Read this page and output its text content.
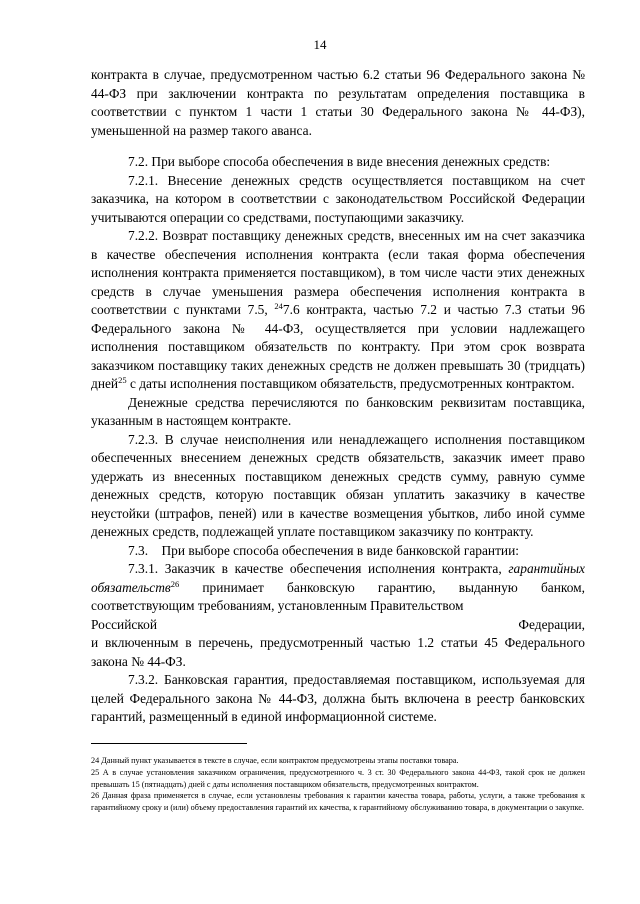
14

контракта в случае, предусмотренном частью 6.2 статьи 96 Федерального закона № 44-ФЗ при заключении контракта по результатам определения поставщика в соответствии с пунктом 1 части 1 статьи 30 Федерального закона № 44-ФЗ), уменьшенной на размер такого аванса.

7.2. При выборе способа обеспечения в виде внесения денежных средств:

7.2.1. Внесение денежных средств осуществляется поставщиком на счет заказчика, на котором в соответствии с законодательством Российской Федерации учитываются операции со средствами, поступающими заказчику.

7.2.2. Возврат поставщику денежных средств, внесенных им на счет заказчика в качестве обеспечения исполнения контракта (если такая форма обеспечения исполнения контракта применяется поставщиком), в том числе части этих денежных средств в случае уменьшения размера обеспечения исполнения контракта в соответствии с пунктами 7.5, $^{24}$7.6 контракта, частью 7.2 и частью 7.3 статьи 96 Федерального закона № 44-ФЗ, осуществляется при условии надлежащего исполнения поставщиком обязательств по контракту. При этом срок возврата заказчиком поставщику таких денежных средств не должен превышать 30 (тридцать) дней$^{25}$ с даты исполнения поставщиком обязательств, предусмотренных контрактом.

Денежные средства перечисляются по банковским реквизитам поставщика, указанным в настоящем контракте.

7.2.3. В случае неисполнения или ненадлежащего исполнения поставщиком обеспеченных внесением денежных средств обязательств, заказчик имеет право удержать из внесенных поставщиком денежных средств сумму, равную сумме денежных средств, которую поставщик обязан уплатить заказчику в качестве неустойки (штрафов, пеней) или в качестве возмещения убытков, либо иной сумме денежных средств, подлежащей уплате поставщиком заказчику по контракту.

7.3.    При выборе способа обеспечения в виде банковской гарантии:

7.3.1. Заказчик в качестве обеспечения исполнения контракта, гарантийных обязательств$^{26}$ принимает банковскую гарантию, выданную банком, соответствующим требованиям, установленным Правительством

Российской	Федерации,

и включенным в перечень, предусмотренный частью 1.2 статьи 45 Федерального закона № 44-ФЗ.

7.3.2. Банковская гарантия, предоставляемая поставщиком, используемая для целей Федерального закона № 44-ФЗ, должна быть включена в реестр банковских гарантий, размещенный в единой информационной системе.

24 Данный пункт указывается в тексте в случае, если контрактом предусмотрены этапы поставки товара.

25 А в случае установления заказчиком ограничения, предусмотренного ч. 3 ст. 30 Федерального закона 44-ФЗ, такой срок не должен превышать 15 (пятнадцать) дней с даты исполнения поставщиком обязательств, предусмотренных контрактом.

26 Данная фраза применяется в случае, если установлены требования к гарантии качества товара, работы, услуги, а также требования к гарантийному сроку и (или) объему предоставления гарантий их качества, к гарантийному обслуживанию товара, в документации о закупке.
